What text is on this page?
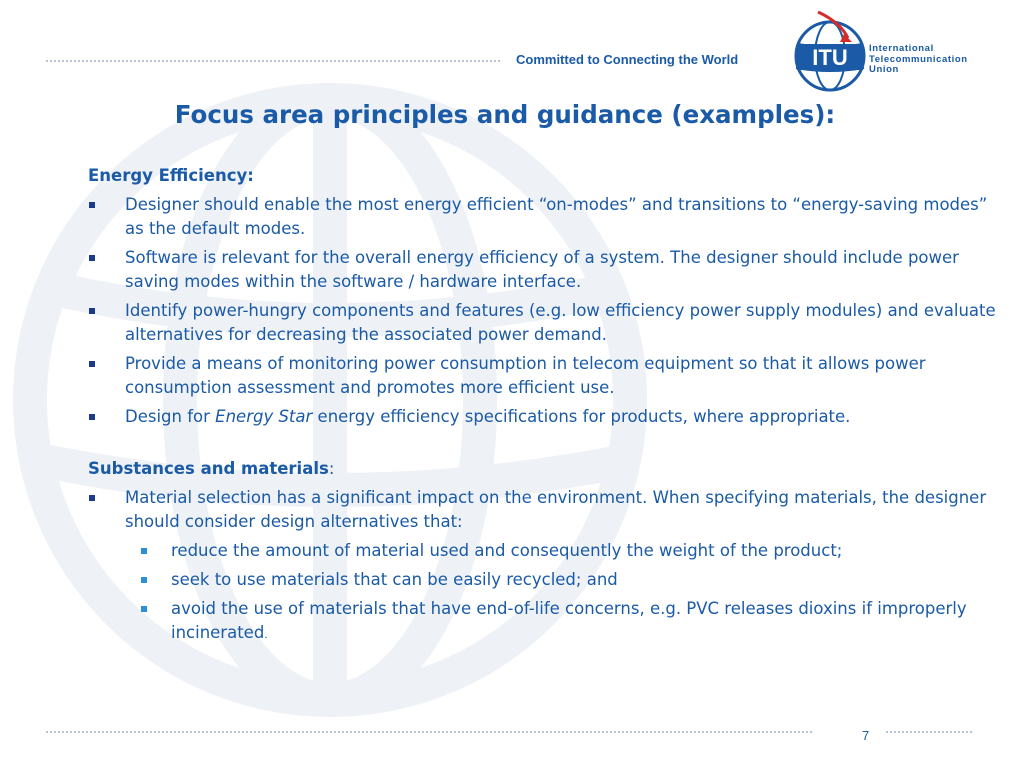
Committed to Connecting the World	ITU International
Telecommunication
Union
Focus area principles and guidance (examples):

Energy Efficiency:

Designer should enable the most energy efficient “on-modes” and transitions to “energy-saving modes” as the default modes.
Software is relevant for the overall energy efficiency of a system. The designer should include power saving modes within the software / hardware interface.
Identify power-hungry components and features (e.g. low efficiency power supply modules) and evaluate alternatives for decreasing the associated power demand.
Provide a means of monitoring power consumption in telecom equipment so that it allows power consumption assessment and promotes more efficient use.
Design for Energy Star energy efficiency specifications for products, where appropriate.

Substances and materials:

Material selection has a significant impact on the environment. When specifying materials, the designer should consider design alternatives that:
reduce the amount of material used and consequently the weight of the product;
seek to use materials that can be easily recycled; and
avoid the use of materials that have end-of-life concerns, e.g. PVC releases dioxins if improperly incinerated.
7
